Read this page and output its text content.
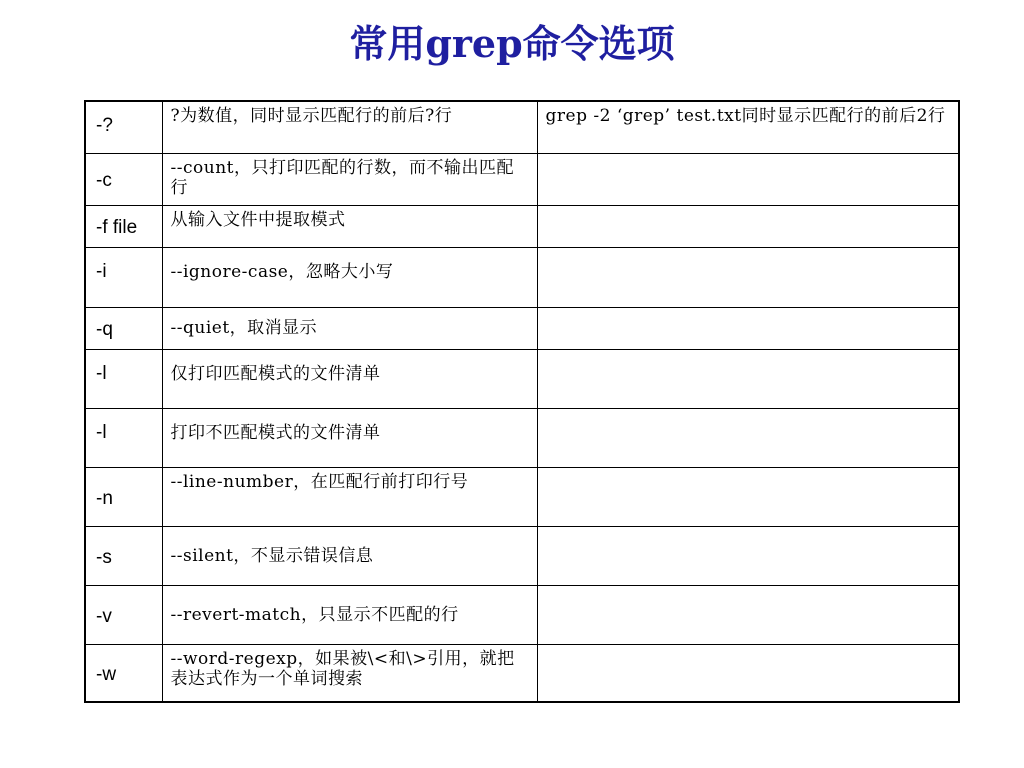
常用grep命令选项
-?	?为数值，同时显示匹配行的前后?行	grep -2 ‘grep’ test.txt同时显示匹配行的前后2行
-c	--count，只打印匹配的行数，而不输出匹配行	
-f file	从输入文件中提取模式	
-i	--ignore-case，忽略大小写	
-q	--quiet，取消显示	
-l	仅打印匹配模式的文件清单	
-l	打印不匹配模式的文件清单	
-n	--line-number，在匹配行前打印行号	
-s	--silent，不显示错误信息	
-v	--revert-match，只显示不匹配的行	
-w	--word-regexp，如果被\<和\>引用，就把表达式作为一个单词搜索	
